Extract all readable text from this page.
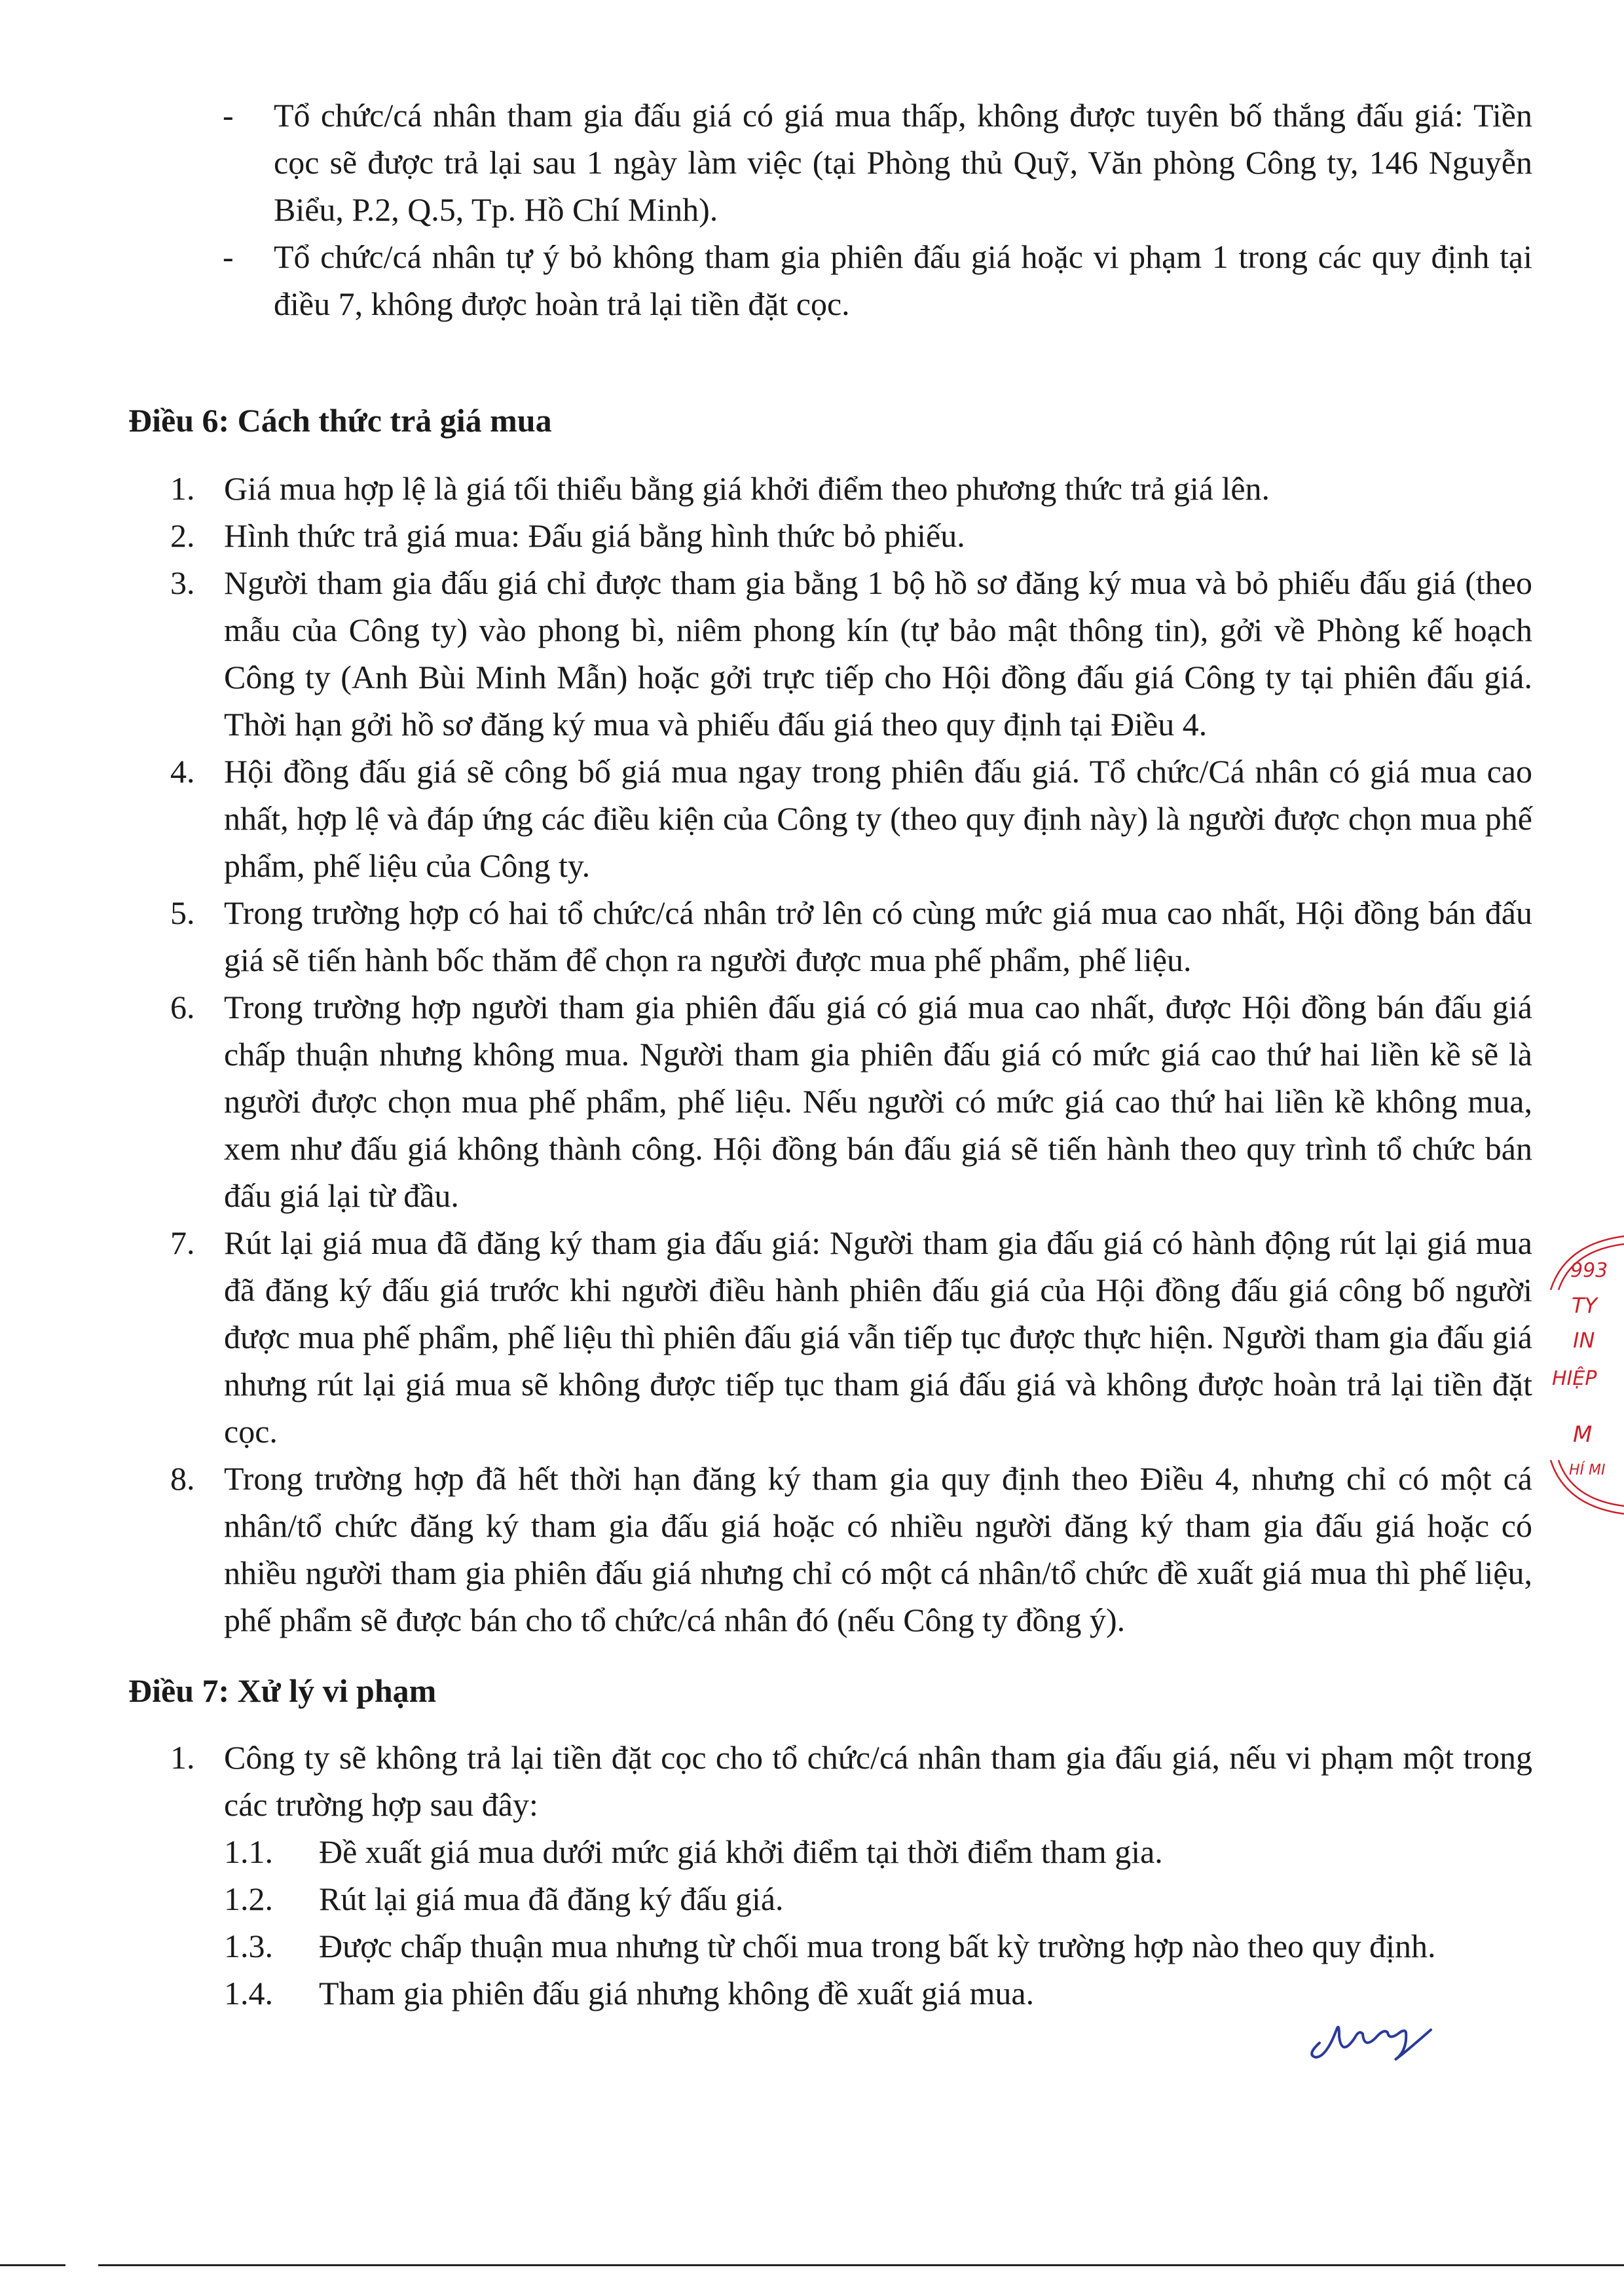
- Tổ chức/cá nhân tham gia đấu giá có giá mua thấp, không được tuyên bố thắng đấu giá: Tiền cọc sẽ được trả lại sau 1 ngày làm việc (tại Phòng thủ Quỹ, Văn phòng Công ty, 146 Nguyễn Biểu, P.2, Q.5, Tp. Hồ Chí Minh).
- Tổ chức/cá nhân tự ý bỏ không tham gia phiên đấu giá hoặc vi phạm 1 trong các quy định tại điều 7, không được hoàn trả lại tiền đặt cọc.
Điều 6: Cách thức trả giá mua
1. Giá mua hợp lệ là giá tối thiểu bằng giá khởi điểm theo phương thức trả giá lên.
2. Hình thức trả giá mua: Đấu giá bằng hình thức bỏ phiếu.
3. Người tham gia đấu giá chỉ được tham gia bằng 1 bộ hồ sơ đăng ký mua và bỏ phiếu đấu giá (theo mẫu của Công ty) vào phong bì, niêm phong kín (tự bảo mật thông tin), gởi về Phòng kế hoạch Công ty (Anh Bùi Minh Mẫn) hoặc gởi trực tiếp cho Hội đồng đấu giá Công ty tại phiên đấu giá. Thời hạn gởi hồ sơ đăng ký mua và phiếu đấu giá theo quy định tại Điều 4.
4. Hội đồng đấu giá sẽ công bố giá mua ngay trong phiên đấu giá. Tổ chức/Cá nhân có giá mua cao nhất, hợp lệ và đáp ứng các điều kiện của Công ty (theo quy định này) là người được chọn mua phế phẩm, phế liệu của Công ty.
5. Trong trường hợp có hai tổ chức/cá nhân trở lên có cùng mức giá mua cao nhất, Hội đồng bán đấu giá sẽ tiến hành bốc thăm để chọn ra người được mua phế phẩm, phế liệu.
6. Trong trường hợp người tham gia phiên đấu giá có giá mua cao nhất, được Hội đồng bán đấu giá chấp thuận nhưng không mua. Người tham gia phiên đấu giá có mức giá cao thứ hai liền kề sẽ là người được chọn mua phế phẩm, phế liệu. Nếu người có mức giá cao thứ hai liền kề không mua, xem như đấu giá không thành công. Hội đồng bán đấu giá sẽ tiến hành theo quy trình tổ chức bán đấu giá lại từ đầu.
7. Rút lại giá mua đã đăng ký tham gia đấu giá: Người tham gia đấu giá có hành động rút lại giá mua đã đăng ký đấu giá trước khi người điều hành phiên đấu giá của Hội đồng đấu giá công bố người được mua phế phẩm, phế liệu thì phiên đấu giá vẫn tiếp tục được thực hiện. Người tham gia đấu giá nhưng rút lại giá mua sẽ không được tiếp tục tham giá đấu giá và không được hoàn trả lại tiền đặt cọc.
8. Trong trường hợp đã hết thời hạn đăng ký tham gia quy định theo Điều 4, nhưng chỉ có một cá nhân/tổ chức đăng ký tham gia đấu giá hoặc có nhiều người đăng ký tham gia đấu giá hoặc có nhiều người tham gia phiên đấu giá nhưng chỉ có một cá nhân/tổ chức đề xuất giá mua thì phế liệu, phế phẩm sẽ được bán cho tổ chức/cá nhân đó (nếu Công ty đồng ý).
Điều 7: Xử lý vi phạm
1. Công ty sẽ không trả lại tiền đặt cọc cho tổ chức/cá nhân tham gia đấu giá, nếu vi phạm một trong các trường hợp sau đây:
1.1. Đề xuất giá mua dưới mức giá khởi điểm tại thời điểm tham gia.
1.2. Rút lại giá mua đã đăng ký đấu giá.
1.3. Được chấp thuận mua nhưng từ chối mua trong bất kỳ trường hợp nào theo quy định.
1.4. Tham gia phiên đấu giá nhưng không đề xuất giá mua.
993
TY
IN
HIỆP
M
HÍ MI
